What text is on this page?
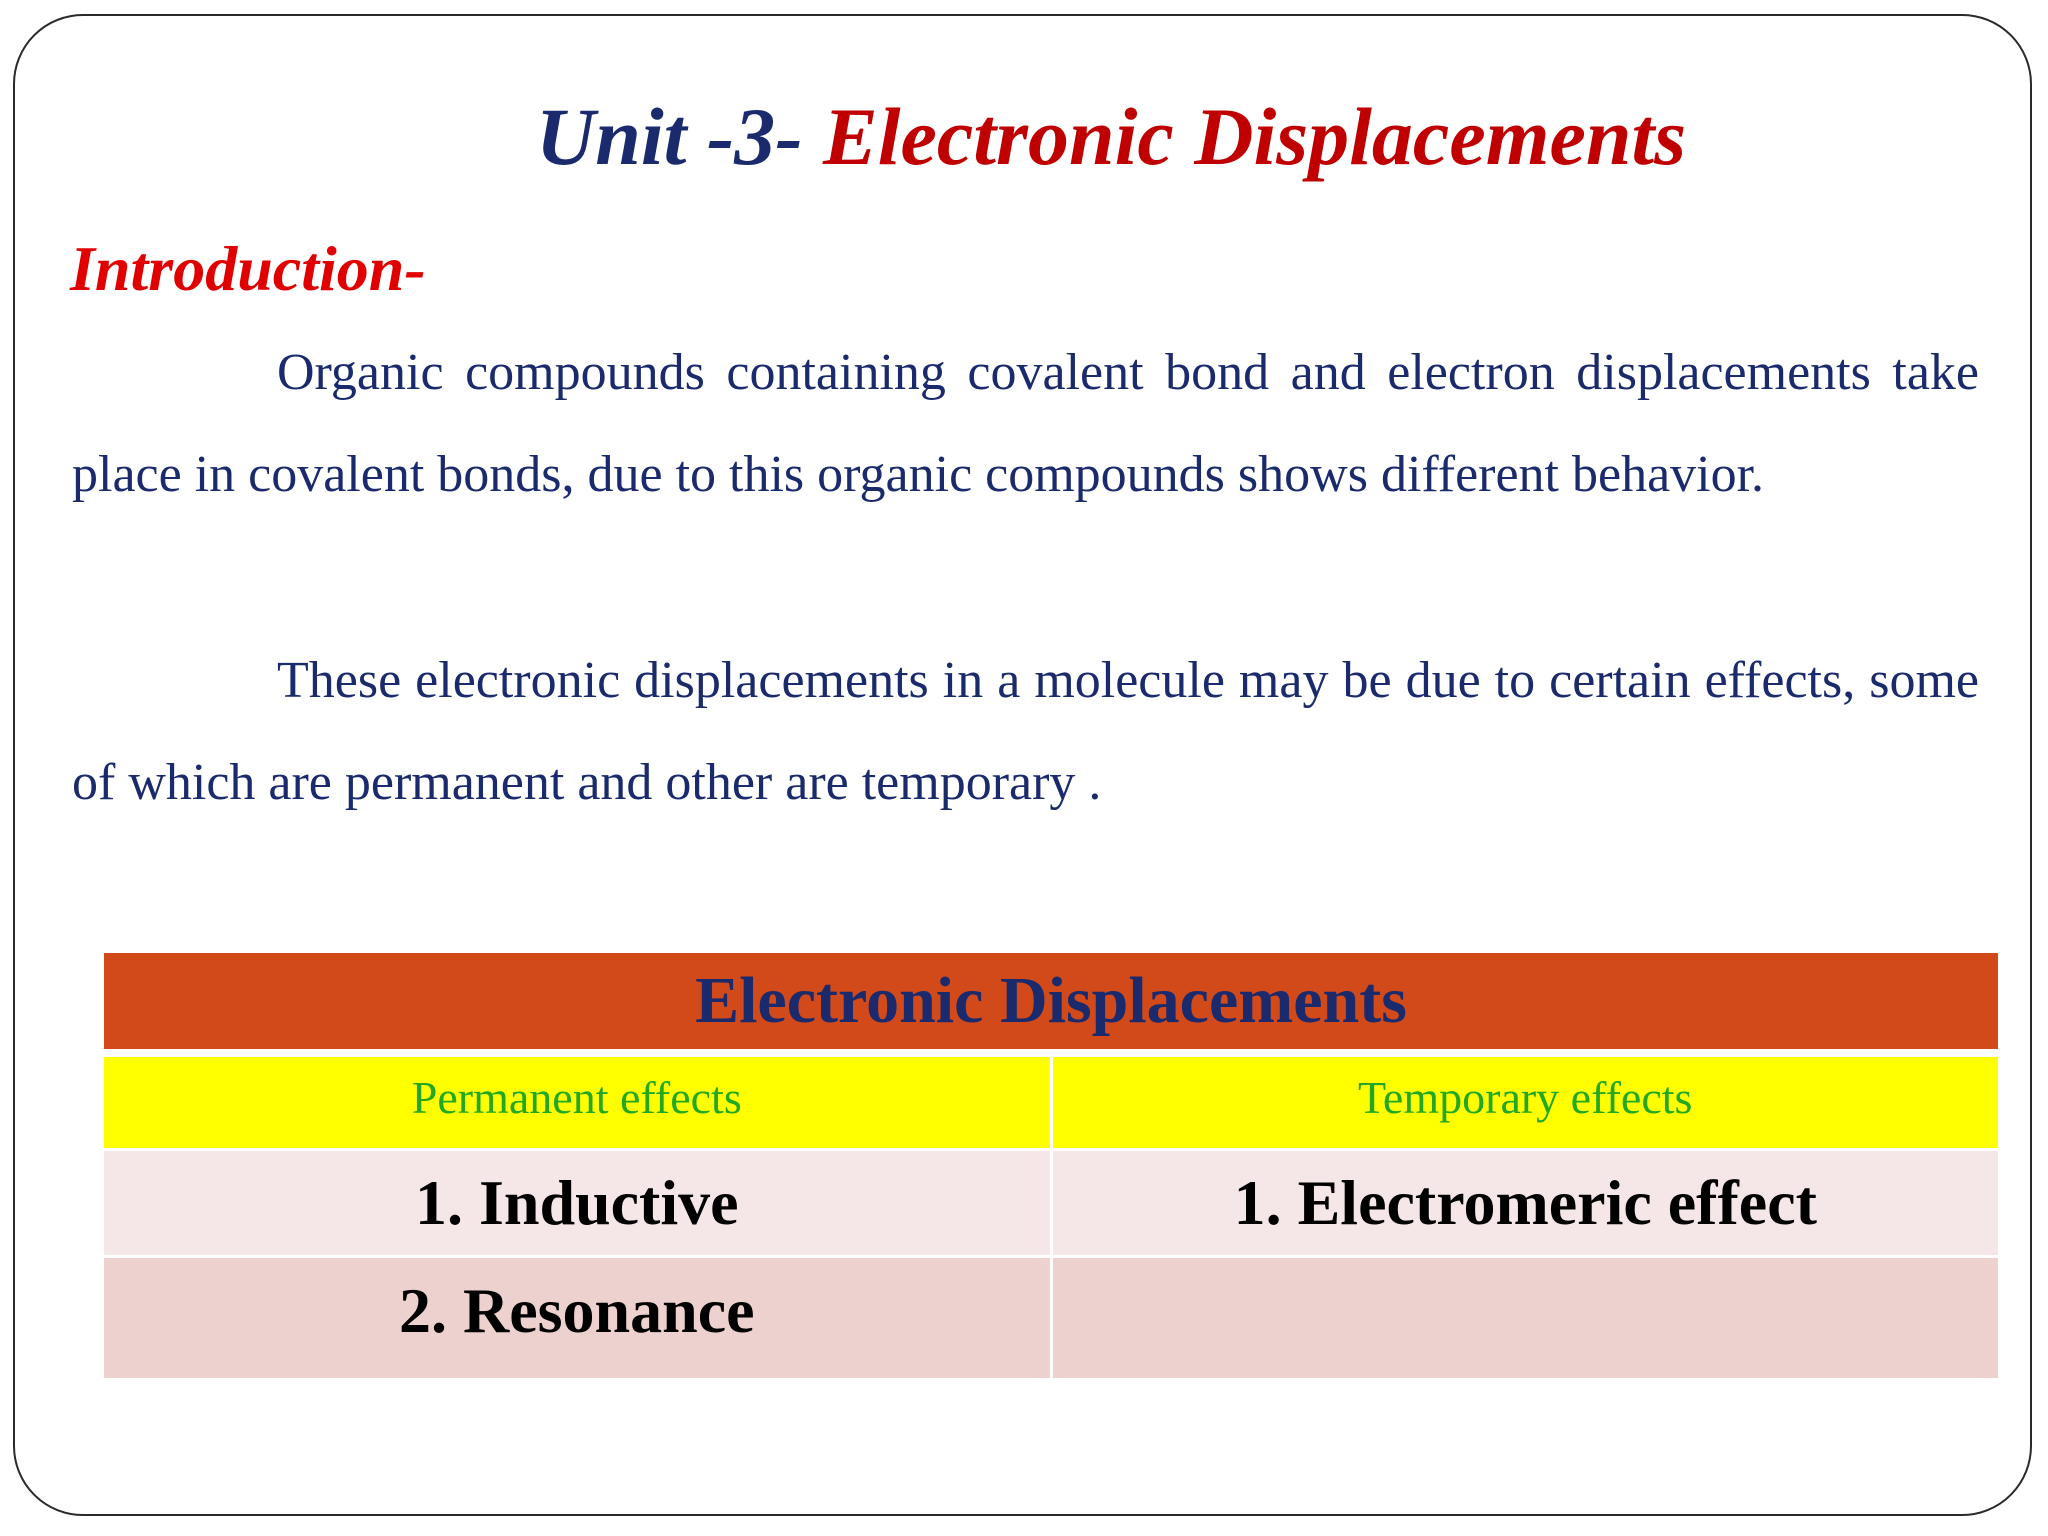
Unit -3- Electronic Displacements
Introduction-

Organic compounds containing covalent bond and electron displacements take place in covalent bonds, due to this organic compounds shows different behavior.

These electronic displacements in a molecule may be due to certain effects, some of which are permanent and other are temporary .

Electronic Displacements	
Permanent effects	Temporary effects
1. Inductive	1. Electromeric effect
2. Resonance	
